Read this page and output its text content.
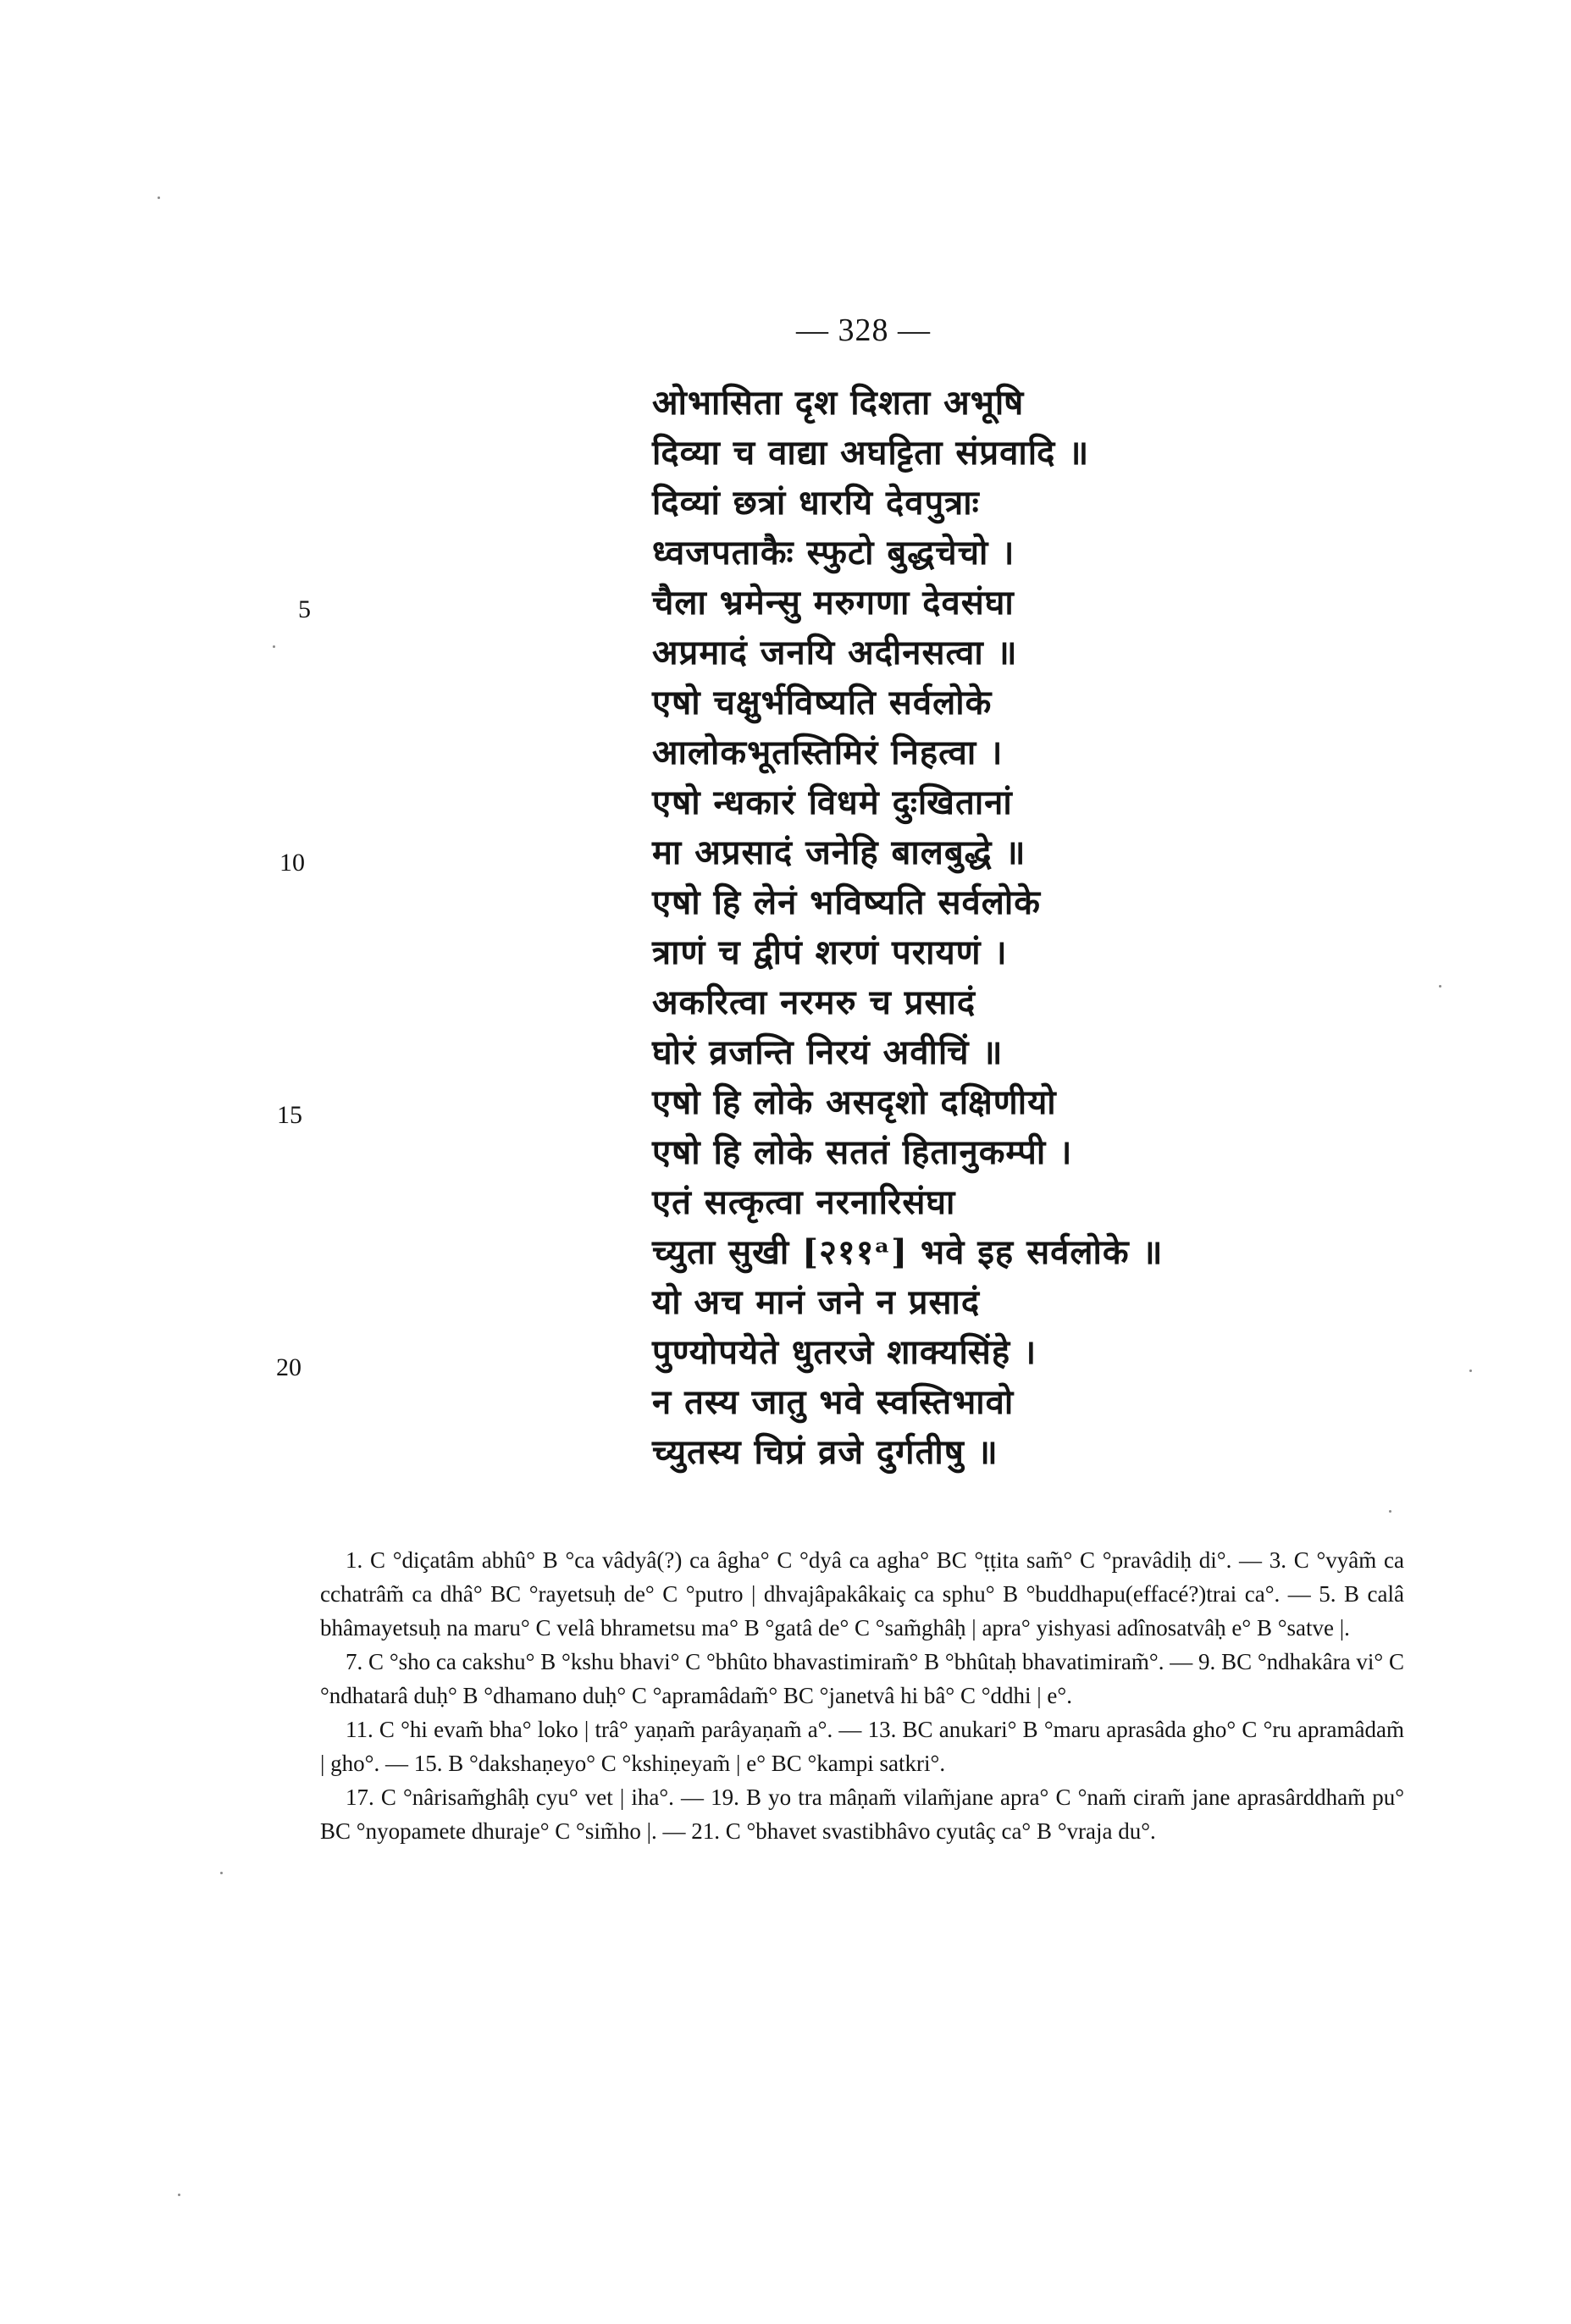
— 328 —
5
10
15
20
ओभासिता दृश दिशता अभूषि
दिव्या च वाद्या अघट्टिता संप्रवादि ॥
दिव्यां छत्रां धारयि देवपुत्राः
ध्वजपताकैः स्फुटो बुद्धचेचो ।
चैला भ्रमेन्सु मरुगणा देवसंघा
अप्रमादं जनयि अदीनसत्वा ॥
एषो चक्षुर्भविष्यति सर्वलोके
आलोकभूतस्तिमिरं निहत्वा ।
एषो न्धकारं विधमे दुःखितानां
मा अप्रसादं जनेहि बालबुद्धे ॥
एषो हि लेनं भविष्यति सर्वलोके
त्राणं च द्वीपं शरणं परायणं ।
अकरित्वा नरमरु च प्रसादं
घोरं व्रजन्ति निरयं अवीचिं ॥
एषो हि लोके असदृशो दक्षिणीयो
एषो हि लोके सततं हितानुकम्पी ।
एतं सत्कृत्वा नरनारिसंघा
च्युता सुखी [२११ᵃ] भवे इह सर्वलोके ॥
यो अच मानं जने न प्रसादं
पुण्योपयेते धुतरजे शाक्यसिंहे ।
न तस्य जातु भवे स्वस्तिभावो
च्युतस्य चिप्रं व्रजे दुर्गतीषु ॥

1. C °diçatâm abhû° B °ca vâdyâ(?) ca âgha° C °dyâ ca agha° BC °ṭṭita sam̃° C °pravâdiḥ di°. — 3. C °vyâm̃ ca cchatrâm̃ ca dhâ° BC °rayetsuḥ de° C °putro | dhvajâpakâkaiç ca sphu° B °buddhapu(effacé?)trai ca°. — 5. B calâ bhâmayetsuḥ na maru° C velâ bhrametsu ma° B °gatâ de° C °sam̃ghâḥ | apra° yishyasi adînosatvâḥ e° B °satve |.

7. C °sho ca cakshu° B °kshu bhavi° C °bhûto bhavastimiram̃° B °bhûtaḥ bhavatimiram̃°. — 9. BC °ndhakâra vi° C °ndhatarâ duḥ° B °dhamano duḥ° C °apramâdam̃° BC °janetvâ hi bâ° C °ddhi | e°.

11. C °hi evam̃ bha° loko | trâ° yaṇam̃ parâyaṇam̃ a°. — 13. BC anukari° B °maru aprasâda gho° C °ru apramâdam̃ | gho°. — 15. B °dakshaṇeyo° C °kshiṇeyam̃ | e° BC °kampi satkri°.

17. C °nârisam̃ghâḥ cyu° vet | iha°. — 19. B yo tra mâṇam̃ vilam̃jane apra° C °nam̃ ciram̃ jane aprasârddham̃ pu° BC °nyopamete dhuraje° C °sim̃ho |. — 21. C °bhavet svastibhâvo cyutâç ca° B °vraja du°.
